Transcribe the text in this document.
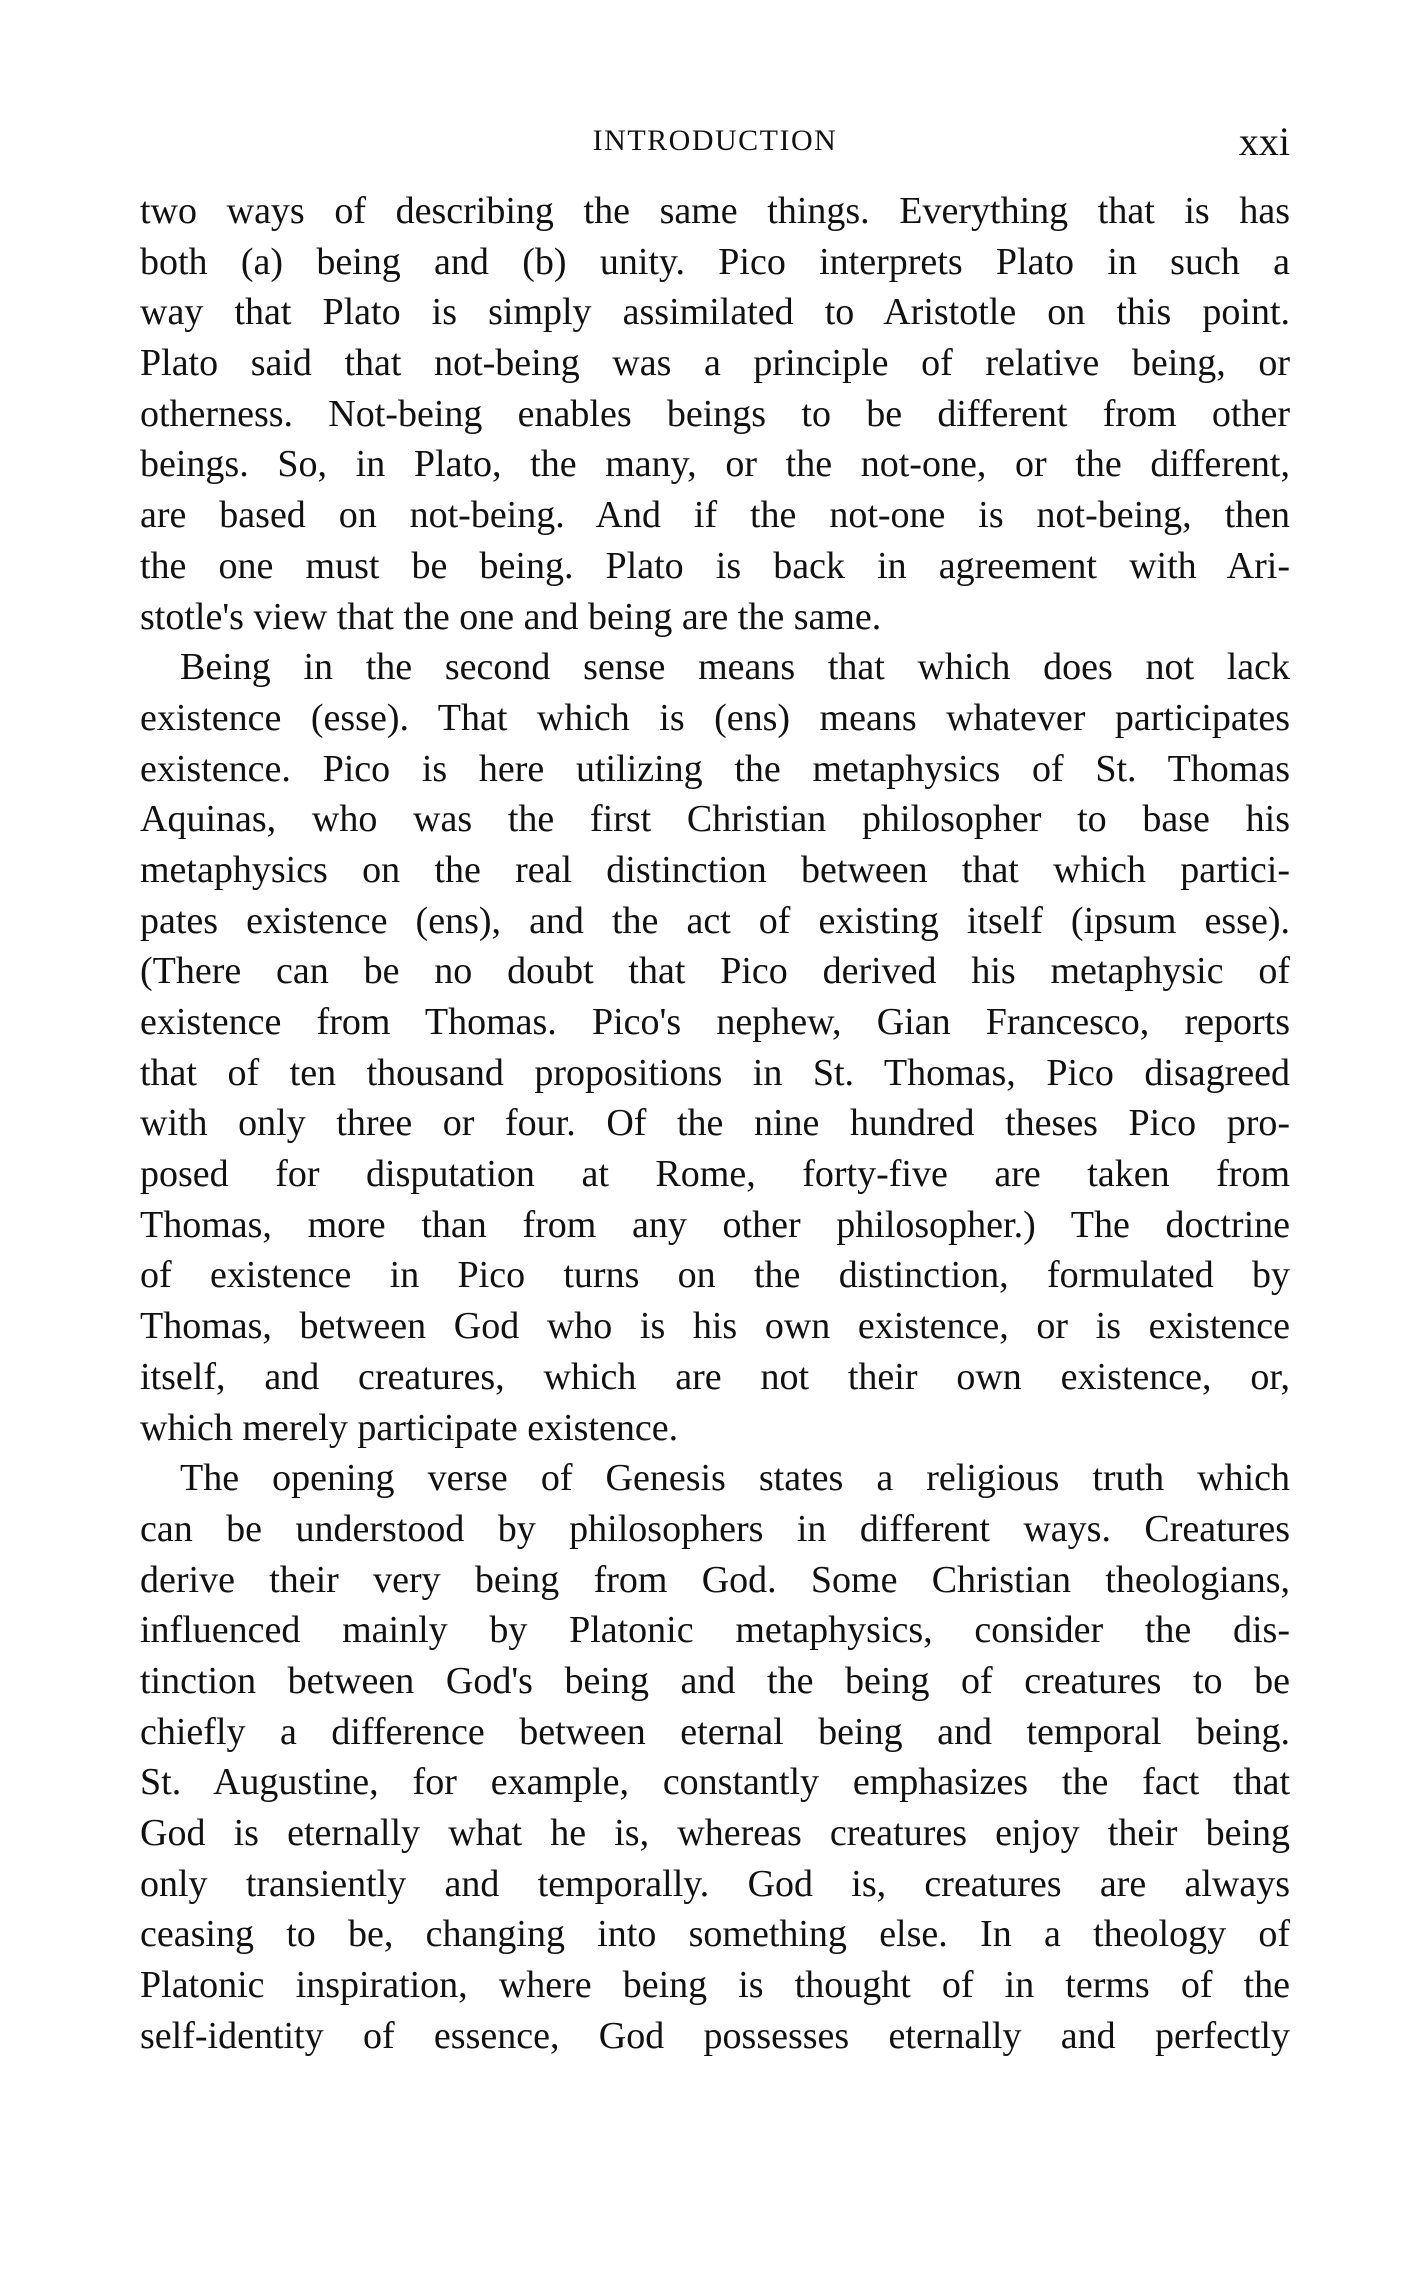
INTRODUCTION	xxi
two ways of describing the same things. Everything that is has
both (a) being and (b) unity. Pico interprets Plato in such a
way that Plato is simply assimilated to Aristotle on this point.
Plato said that not-being was a principle of relative being, or
otherness. Not-being enables beings to be different from other
beings. So, in Plato, the many, or the not-one, or the different,
are based on not-being. And if the not-one is not-being, then
the one must be being. Plato is back in agreement with Ari-
stotle's view that the one and being are the same.
Being in the second sense means that which does not lack
existence (esse). That which is (ens) means whatever participates
existence. Pico is here utilizing the metaphysics of St. Thomas
Aquinas, who was the first Christian philosopher to base his
metaphysics on the real distinction between that which partici-
pates existence (ens), and the act of existing itself (ipsum esse).
(There can be no doubt that Pico derived his metaphysic of
existence from Thomas. Pico's nephew, Gian Francesco, reports
that of ten thousand propositions in St. Thomas, Pico disagreed
with only three or four. Of the nine hundred theses Pico pro-
posed for disputation at Rome, forty-five are taken from
Thomas, more than from any other philosopher.) The doctrine
of existence in Pico turns on the distinction, formulated by
Thomas, between God who is his own existence, or is existence
itself, and creatures, which are not their own existence, or,
which merely participate existence.
The opening verse of Genesis states a religious truth which
can be understood by philosophers in different ways. Creatures
derive their very being from God. Some Christian theologians,
influenced mainly by Platonic metaphysics, consider the dis-
tinction between God's being and the being of creatures to be
chiefly a difference between eternal being and temporal being.
St. Augustine, for example, constantly emphasizes the fact that
God is eternally what he is, whereas creatures enjoy their being
only transiently and temporally. God is, creatures are always
ceasing to be, changing into something else. In a theology of
Platonic inspiration, where being is thought of in terms of the
self-identity of essence, God possesses eternally and perfectly
